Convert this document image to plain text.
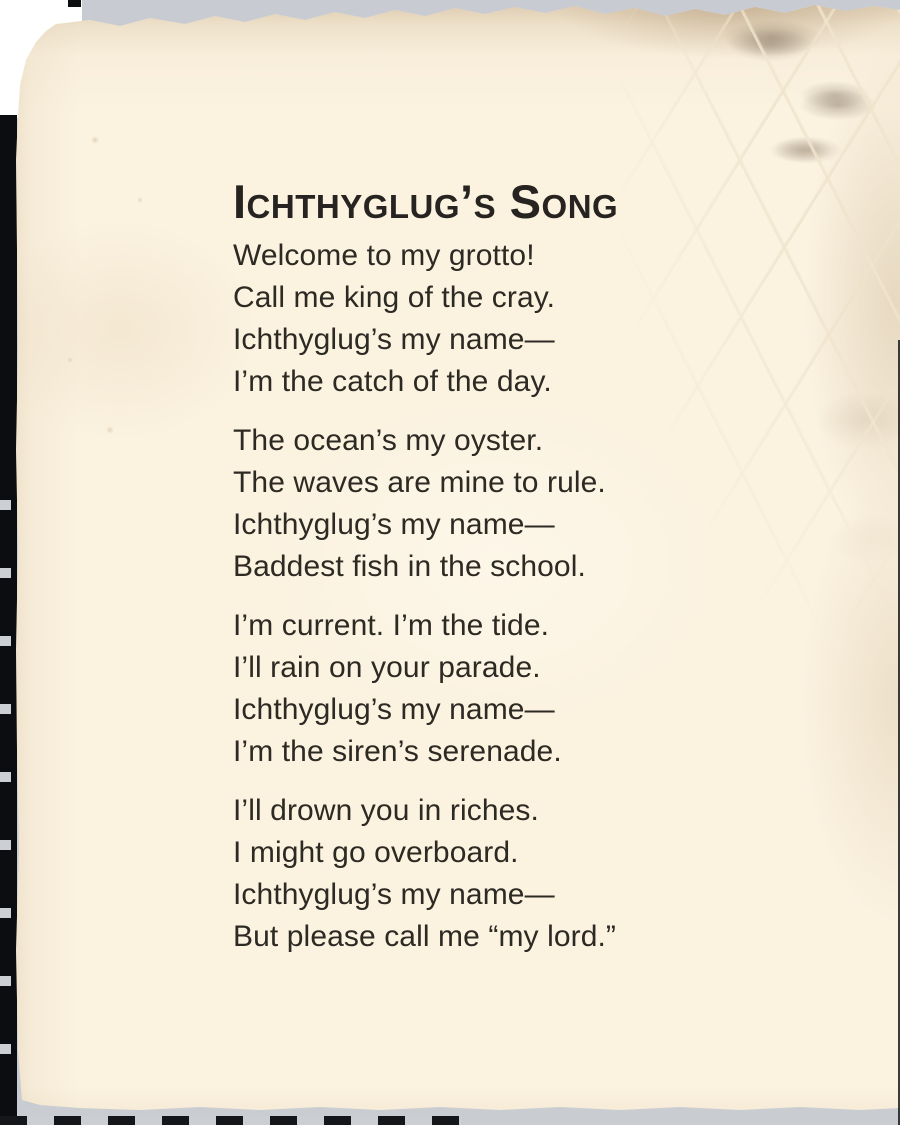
Ichthyglug’s Song
Welcome to my grotto!
Call me king of the cray.
Ichthyglug’s my name—
I’m the catch of the day.
The ocean’s my oyster.
The waves are mine to rule.
Ichthyglug’s my name—
Baddest fish in the school.
I’m current. I’m the tide.
I’ll rain on your parade.
Ichthyglug’s my name—
I’m the siren’s serenade.
I’ll drown you in riches.
I might go overboard.
Ichthyglug’s my name—
But please call me “my lord.”
